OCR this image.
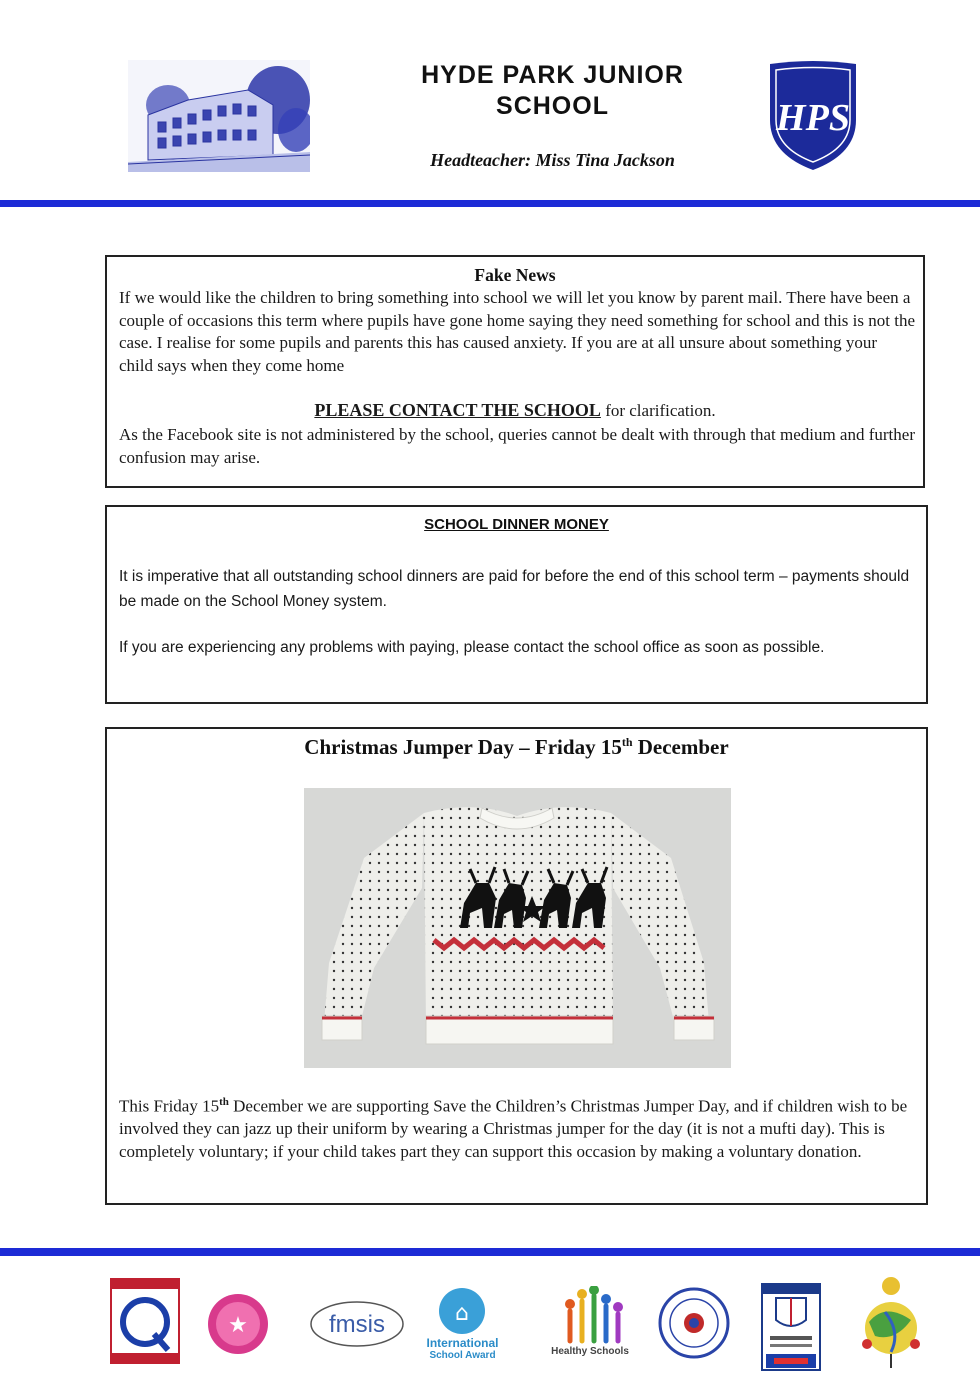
HYDE PARK JUNIOR
SCHOOL
Headteacher: Miss Tina Jackson
HPS
Fake News
If we would like the children to bring something into school we will let you know by parent mail. There have been a couple of occasions this term where pupils have gone home saying they need something for school and this is not the case. I realise for some pupils and parents this has caused anxiety. If you are at all unsure about something your child says when they come home
PLEASE CONTACT THE SCHOOL for clarification.
As the Facebook site is not administered by the school, queries cannot be dealt with through that medium and further confusion may arise.
SCHOOL DINNER MONEY
It is imperative that all outstanding school dinners are paid for before the end of this school term – payments should be made on the School Money system.
If you are experiencing any problems with paying, please contact the school office as soon as possible.
Christmas Jumper Day – Friday 15th December
This Friday 15th December we are supporting Save the Children’s Christmas Jumper Day, and if children wish to be involved they can jazz up their uniform by wearing a Christmas jumper for the day (it is not a mufti day). This is completely voluntary; if your child takes part they can support this occasion by making a voluntary donation.
★	fmsis	⌂
International
School Award	Healthy Schools
